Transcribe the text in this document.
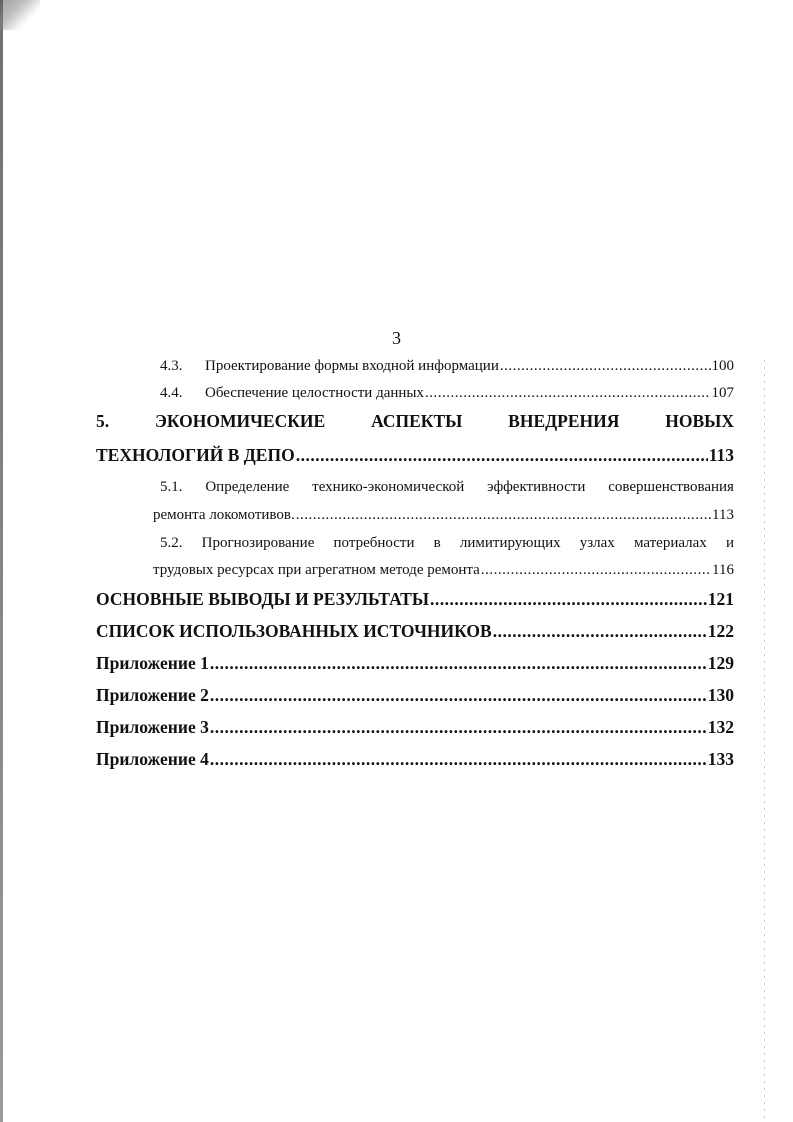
3
4.3.	Проектирование формы входной информации .....	100
4.4.	Обеспечение целостности данных .....	107
5.	ЭКОНОМИЧЕСКИЕ	АСПЕКТЫ	ВНЕДРЕНИЯ	НОВЫХ
ТЕХНОЛОГИЙ В ДЕПО .....	113
5.1. Определение технико-экономической эффективности совершенствования
ремонта локомотивов. .....	113
5.2. Прогнозирование потребности в лимитирующих узлах материалах и
трудовых ресурсах при агрегатном методе ремонта .....	116
ОСНОВНЫЕ ВЫВОДЫ И РЕЗУЛЬТАТЫ .....	121
СПИСОК ИСПОЛЬЗОВАННЫХ ИСТОЧНИКОВ .....	122
Приложение 1 .....	129
Приложение 2 .....	130
Приложение 3 .....	132
Приложение 4 .....	133
